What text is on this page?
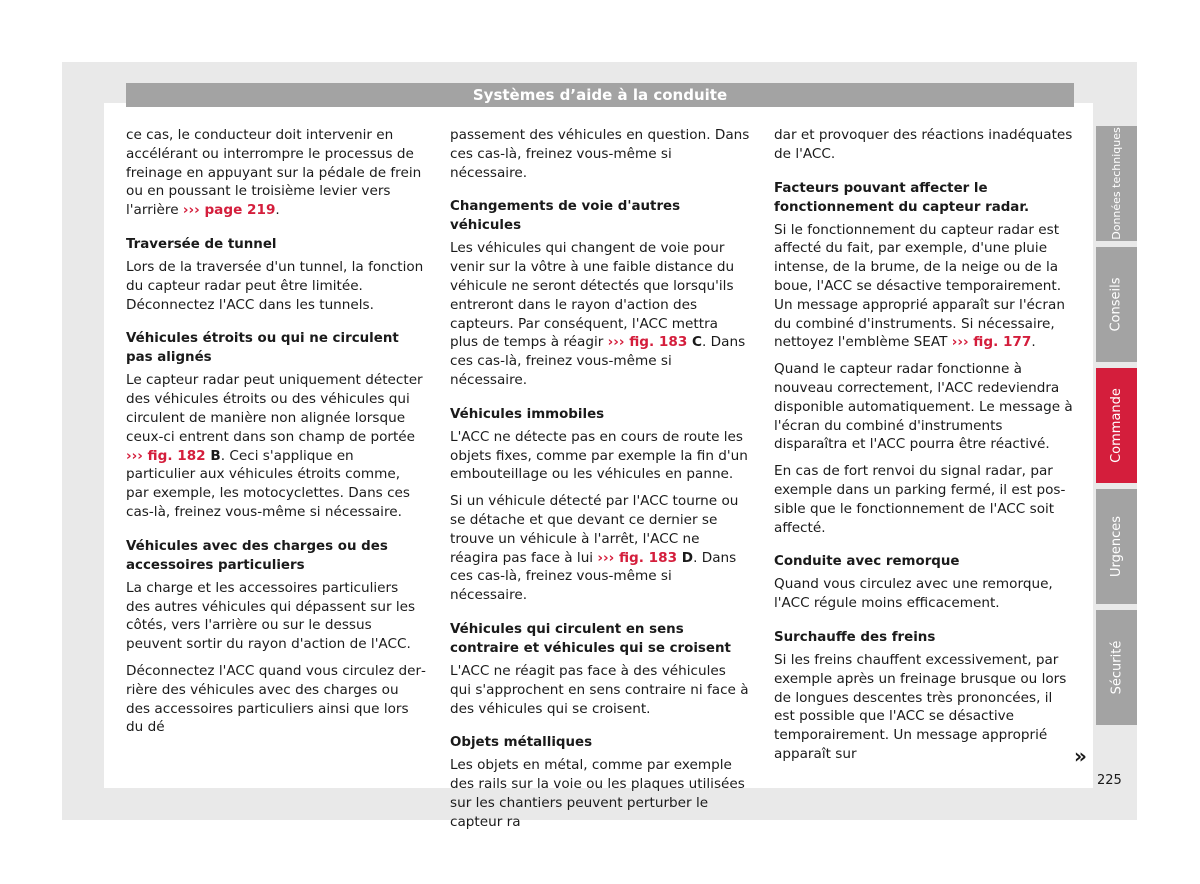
Systèmes d’aide à la conduite

ce cas, le conducteur doit intervenir en accélérant ou interrompre le processus de freinage en appuyant sur la pédale de frein ou en poussant le troisième levier vers l'arrière ››› page 219.

Traversée de tunnel

Lors de la traversée d'un tunnel, la fonction du capteur radar peut être limitée. Déconnectez l'ACC dans les tunnels.

Véhicules étroits ou qui ne circulent pas alignés

Le capteur radar peut uniquement détecter des véhicules étroits ou des véhicules qui circulent de manière non alignée lorsque ceux-ci entrent dans son champ de portée ››› fig. 182 B. Ceci s'applique en particulier aux véhicules étroits comme, par exemple, les motocyclettes. Dans ces cas-là, freinez vous-même si nécessaire.

Véhicules avec des charges ou des accessoires particuliers

La charge et les accessoires particuliers des autres véhicules qui dépassent sur les côtés, vers l'arrière ou sur le dessus peuvent sortir du rayon d'action de l'ACC.

Déconnectez l'ACC quand vous circulez derrière des véhicules avec des charges ou des accessoires particuliers ainsi que lors du dé

passement des véhicules en question. Dans ces cas-là, freinez vous-même si nécessaire.

Changements de voie d'autres véhicules

Les véhicules qui changent de voie pour venir sur la vôtre à une faible distance du véhicule ne seront détectés que lorsqu'ils entreront dans le rayon d'action des capteurs. Par conséquent, l'ACC mettra plus de temps à réagir ››› fig. 183 C. Dans ces cas-là, freinez vous-même si nécessaire.

Véhicules immobiles

L'ACC ne détecte pas en cours de route les objets fixes, comme par exemple la fin d'un embouteillage ou les véhicules en panne.

Si un véhicule détecté par l'ACC tourne ou se détache et que devant ce dernier se trouve un véhicule à l'arrêt, l'ACC ne réagira pas face à lui ››› fig. 183 D. Dans ces cas-là, freinez vous-même si nécessaire.

Véhicules qui circulent en sens contraire et véhicules qui se croisent

L'ACC ne réagit pas face à des véhicules qui s'approchent en sens contraire ni face à des véhicules qui se croisent.

Objets métalliques

Les objets en métal, comme par exemple des rails sur la voie ou les plaques utilisées sur les chantiers peuvent perturber le capteur ra

dar et provoquer des réactions inadéquates de l'ACC.

Facteurs pouvant affecter le fonctionnement du capteur radar.

Si le fonctionnement du capteur radar est affecté du fait, par exemple, d'une pluie intense, de la brume, de la neige ou de la boue, l'ACC se désactive temporairement. Un message approprié apparaît sur l'écran du combiné d'instruments. Si nécessaire, nettoyez l'emblème SEAT ››› fig. 177.

Quand le capteur radar fonctionne à nouveau correctement, l'ACC redeviendra disponible automatiquement. Le message à l'écran du combiné d'instruments disparaîtra et l'ACC pourra être réactivé.

En cas de fort renvoi du signal radar, par exemple dans un parking fermé, il est possible que le fonctionnement de l'ACC soit affecté.

Conduite avec remorque

Quand vous circulez avec une remorque, l'ACC régule moins efficacement.

Surchauffe des freins

Si les freins chauffent excessivement, par exemple après un freinage brusque ou lors de longues descentes très prononcées, il est possible que l'ACC se désactive temporairement. Un message approprié apparaît sur

Données techniques
Conseils
Commande
Urgences
Sécurité
»
225
